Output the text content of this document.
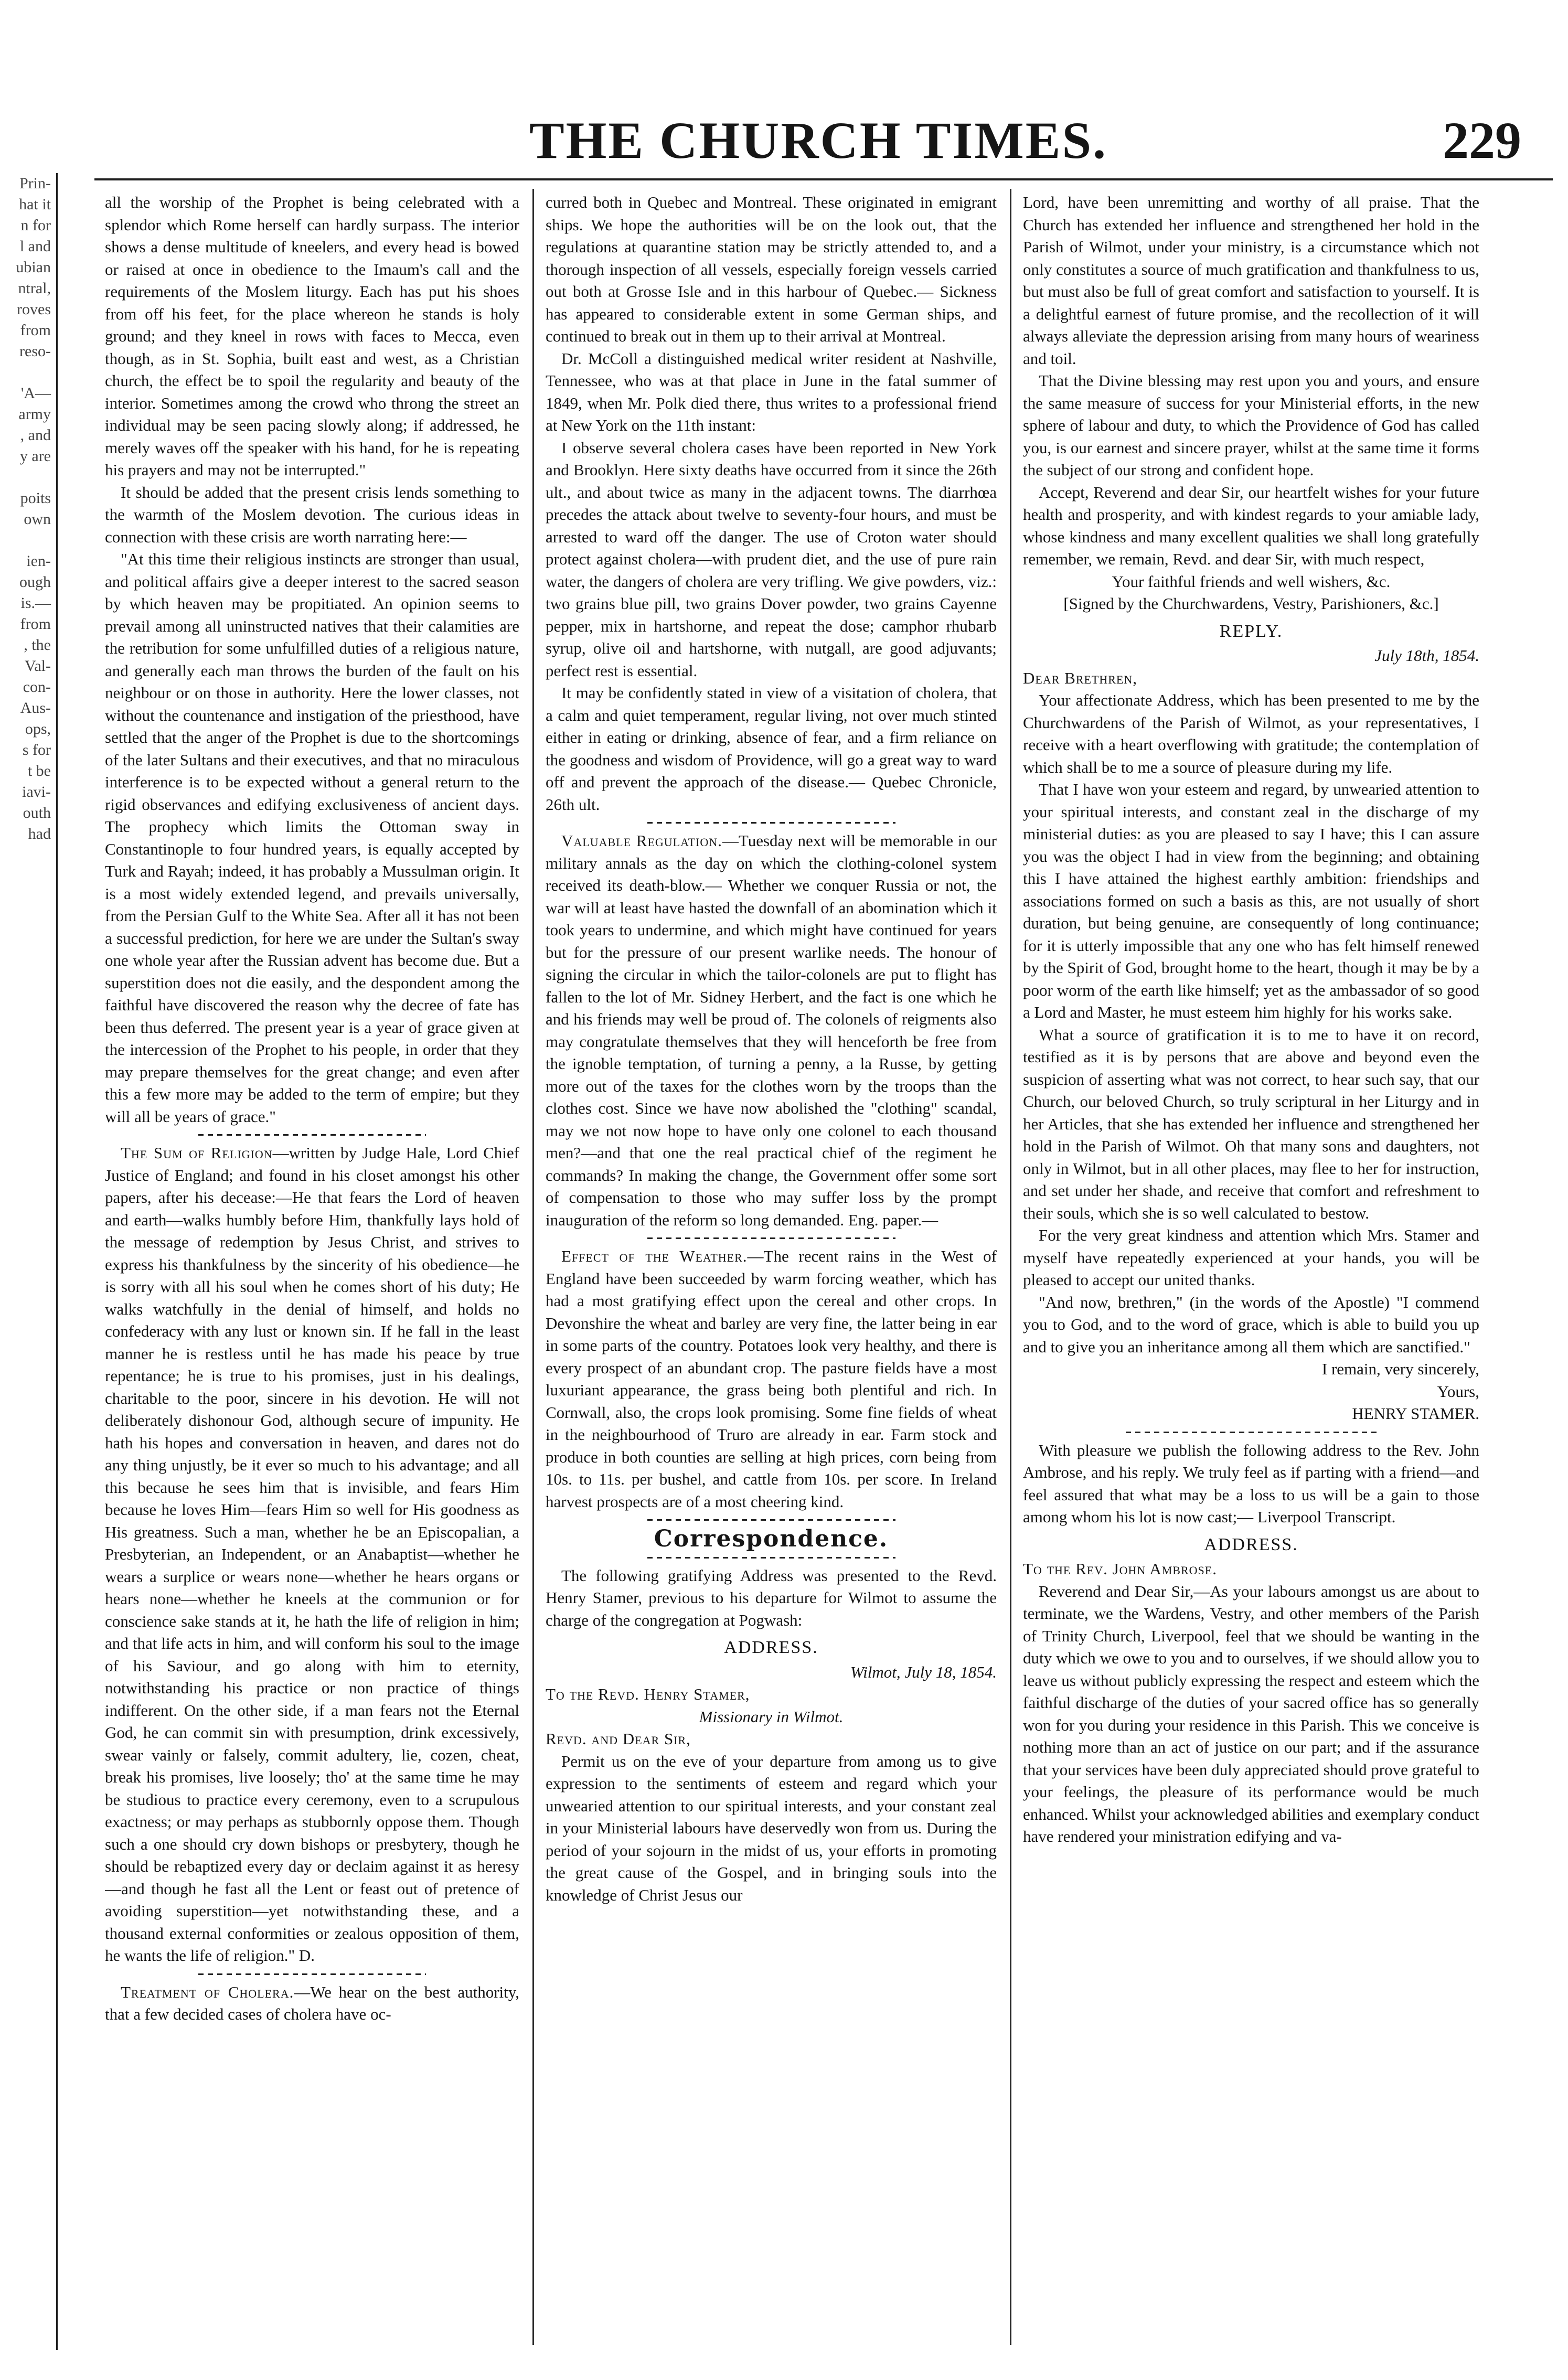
Prin-
hat it
n for
l and
ubian
ntral,
roves
from
reso-

'A—
army
, and
y are

poits
own

ien-
ough
is.—
from
, the
Val-
con-
Aus-
ops,
s for
t be
iavi-
outh
had
THE CHURCH TIMES.	229

all the worship of the Prophet is being celebrated with a splendor which Rome herself can hardly surpass. The interior shows a dense multitude of kneelers, and every head is bowed or raised at once in obedience to the Imaum's call and the requirements of the Moslem liturgy. Each has put his shoes from off his feet, for the place whereon he stands is holy ground; and they kneel in rows with faces to Mecca, even though, as in St. Sophia, built east and west, as a Christian church, the effect be to spoil the regularity and beauty of the interior. Sometimes among the crowd who throng the street an individual may be seen pacing slowly along; if addressed, he merely waves off the speaker with his hand, for he is repeating his prayers and may not be interrupted."

It should be added that the present crisis lends something to the warmth of the Moslem devotion. The curious ideas in connection with these crisis are worth narrating here:—

"At this time their religious instincts are stronger than usual, and political affairs give a deeper interest to the sacred season by which heaven may be propitiated. An opinion seems to prevail among all uninstructed natives that their calamities are the retribution for some unfulfilled duties of a religious nature, and generally each man throws the burden of the fault on his neighbour or on those in authority. Here the lower classes, not without the countenance and instigation of the priesthood, have settled that the anger of the Prophet is due to the shortcomings of the later Sultans and their executives, and that no miraculous interference is to be expected without a general return to the rigid observances and edifying exclusiveness of ancient days. The prophecy which limits the Ottoman sway in Constantinople to four hundred years, is equally accepted by Turk and Rayah; indeed, it has probably a Mussulman origin. It is a most widely extended legend, and prevails universally, from the Persian Gulf to the White Sea. After all it has not been a successful prediction, for here we are under the Sultan's sway one whole year after the Russian advent has become due. But a superstition does not die easily, and the despondent among the faithful have discovered the reason why the decree of fate has been thus deferred. The present year is a year of grace given at the intercession of the Prophet to his people, in order that they may prepare themselves for the great change; and even after this a few more may be added to the term of empire; but they will all be years of grace."

The Sum of Religion—written by Judge Hale, Lord Chief Justice of England; and found in his closet amongst his other papers, after his decease:—He that fears the Lord of heaven and earth—walks humbly before Him, thankfully lays hold of the message of redemption by Jesus Christ, and strives to express his thankfulness by the sincerity of his obedience—he is sorry with all his soul when he comes short of his duty; He walks watchfully in the denial of himself, and holds no confederacy with any lust or known sin. If he fall in the least manner he is restless until he has made his peace by true repentance; he is true to his promises, just in his dealings, charitable to the poor, sincere in his devotion. He will not deliberately dishonour God, although secure of impunity. He hath his hopes and conversation in heaven, and dares not do any thing unjustly, be it ever so much to his advantage; and all this because he sees him that is invisible, and fears Him because he loves Him—fears Him so well for His goodness as His greatness. Such a man, whether he be an Episcopalian, a Presbyterian, an Independent, or an Anabaptist—whether he wears a surplice or wears none—whether he hears organs or hears none—whether he kneels at the communion or for conscience sake stands at it, he hath the life of religion in him; and that life acts in him, and will conform his soul to the image of his Saviour, and go along with him to eternity, notwithstanding his practice or non practice of things indifferent. On the other side, if a man fears not the Eternal God, he can commit sin with presumption, drink excessively, swear vainly or falsely, commit adultery, lie, cozen, cheat, break his promises, live loosely; tho' at the same time he may be studious to practice every ceremony, even to a scrupulous exactness; or may perhaps as stubbornly oppose them. Though such a one should cry down bishops or presbytery, though he should be rebaptized every day or declaim against it as heresy—and though he fast all the Lent or feast out of pretence of avoiding superstition—yet notwithstanding these, and a thousand external conformities or zealous opposition of them, he wants the life of religion." D.

Treatment of Cholera.—We hear on the best authority, that a few decided cases of cholera have oc-

curred both in Quebec and Montreal. These originated in emigrant ships. We hope the authorities will be on the look out, that the regulations at quarantine station may be strictly attended to, and a thorough inspection of all vessels, especially foreign vessels carried out both at Grosse Isle and in this harbour of Quebec.— Sickness has appeared to considerable extent in some German ships, and continued to break out in them up to their arrival at Montreal.

Dr. McColl a distinguished medical writer resident at Nashville, Tennessee, who was at that place in June in the fatal summer of 1849, when Mr. Polk died there, thus writes to a professional friend at New York on the 11th instant:

I observe several cholera cases have been reported in New York and Brooklyn. Here sixty deaths have occurred from it since the 26th ult., and about twice as many in the adjacent towns. The diarrhœa precedes the attack about twelve to seventy-four hours, and must be arrested to ward off the danger. The use of Croton water should protect against cholera—with prudent diet, and the use of pure rain water, the dangers of cholera are very trifling. We give powders, viz.: two grains blue pill, two grains Dover powder, two grains Cayenne pepper, mix in hartshorne, and repeat the dose; camphor rhubarb syrup, olive oil and hartshorne, with nutgall, are good adjuvants; perfect rest is essential.

It may be confidently stated in view of a visitation of cholera, that a calm and quiet temperament, regular living, not over much stinted either in eating or drinking, absence of fear, and a firm reliance on the goodness and wisdom of Providence, will go a great way to ward off and prevent the approach of the disease.— Quebec Chronicle, 26th ult.

Valuable Regulation.—Tuesday next will be memorable in our military annals as the day on which the clothing-colonel system received its death-blow.— Whether we conquer Russia or not, the war will at least have hasted the downfall of an abomination which it took years to undermine, and which might have continued for years but for the pressure of our present warlike needs. The honour of signing the circular in which the tailor-colonels are put to flight has fallen to the lot of Mr. Sidney Herbert, and the fact is one which he and his friends may well be proud of. The colonels of reigments also may congratulate themselves that they will henceforth be free from the ignoble temptation, of turning a penny, a la Russe, by getting more out of the taxes for the clothes worn by the troops than the clothes cost. Since we have now abolished the "clothing" scandal, may we not now hope to have only one colonel to each thousand men?—and that one the real practical chief of the regiment he commands? In making the change, the Government offer some sort of compensation to those who may suffer loss by the prompt inauguration of the reform so long demanded. Eng. paper.—

Effect of the Weather.—The recent rains in the West of England have been succeeded by warm forcing weather, which has had a most gratifying effect upon the cereal and other crops. In Devonshire the wheat and barley are very fine, the latter being in ear in some parts of the country. Potatoes look very healthy, and there is every prospect of an abundant crop. The pasture fields have a most luxuriant appearance, the grass being both plentiful and rich. In Cornwall, also, the crops look promising. Some fine fields of wheat in the neighbourhood of Truro are already in ear. Farm stock and produce in both counties are selling at high prices, corn being from 10s. to 11s. per bushel, and cattle from 10s. per score. In Ireland harvest prospects are of a most cheering kind.

Correspondence.

The following gratifying Address was presented to the Revd. Henry Stamer, previous to his departure for Wilmot to assume the charge of the congregation at Pogwash:

ADDRESS.

Wilmot, July 18, 1854.

To the Revd. Henry Stamer,

Missionary in Wilmot.

Revd. and Dear Sir,

Permit us on the eve of your departure from among us to give expression to the sentiments of esteem and regard which your unwearied attention to our spiritual interests, and your constant zeal in your Ministerial labours have deservedly won from us. During the period of your sojourn in the midst of us, your efforts in promoting the great cause of the Gospel, and in bringing souls into the knowledge of Christ Jesus our

Lord, have been unremitting and worthy of all praise. That the Church has extended her influence and strengthened her hold in the Parish of Wilmot, under your ministry, is a circumstance which not only constitutes a source of much gratification and thankfulness to us, but must also be full of great comfort and satisfaction to yourself. It is a delightful earnest of future promise, and the recollection of it will always alleviate the depression arising from many hours of weariness and toil.

That the Divine blessing may rest upon you and yours, and ensure the same measure of success for your Ministerial efforts, in the new sphere of labour and duty, to which the Providence of God has called you, is our earnest and sincere prayer, whilst at the same time it forms the subject of our strong and confident hope.

Accept, Reverend and dear Sir, our heartfelt wishes for your future health and prosperity, and with kindest regards to your amiable lady, whose kindness and many excellent qualities we shall long gratefully remember, we remain, Revd. and dear Sir, with much respect,

Your faithful friends and well wishers, &c.

[Signed by the Churchwardens, Vestry, Parishioners, &c.]

REPLY.

July 18th, 1854.

Dear Brethren,

Your affectionate Address, which has been presented to me by the Churchwardens of the Parish of Wilmot, as your representatives, I receive with a heart overflowing with gratitude; the contemplation of which shall be to me a source of pleasure during my life.

That I have won your esteem and regard, by unwearied attention to your spiritual interests, and constant zeal in the discharge of my ministerial duties: as you are pleased to say I have; this I can assure you was the object I had in view from the beginning; and obtaining this I have attained the highest earthly ambition: friendships and associations formed on such a basis as this, are not usually of short duration, but being genuine, are consequently of long continuance; for it is utterly impossible that any one who has felt himself renewed by the Spirit of God, brought home to the heart, though it may be by a poor worm of the earth like himself; yet as the ambassador of so good a Lord and Master, he must esteem him highly for his works sake.

What a source of gratification it is to me to have it on record, testified as it is by persons that are above and beyond even the suspicion of asserting what was not correct, to hear such say, that our Church, our beloved Church, so truly scriptural in her Liturgy and in her Articles, that she has extended her influence and strengthened her hold in the Parish of Wilmot. Oh that many sons and daughters, not only in Wilmot, but in all other places, may flee to her for instruction, and set under her shade, and receive that comfort and refreshment to their souls, which she is so well calculated to bestow.

For the very great kindness and attention which Mrs. Stamer and myself have repeatedly experienced at your hands, you will be pleased to accept our united thanks.

"And now, brethren," (in the words of the Apostle) "I commend you to God, and to the word of grace, which is able to build you up and to give you an inheritance among all them which are sanctified."

I remain, very sincerely,

Yours,

HENRY STAMER.

With pleasure we publish the following address to the Rev. John Ambrose, and his reply. We truly feel as if parting with a friend—and feel assured that what may be a loss to us will be a gain to those among whom his lot is now cast;— Liverpool Transcript.

ADDRESS.

To the Rev. John Ambrose.

Reverend and Dear Sir,—As your labours amongst us are about to terminate, we the Wardens, Vestry, and other members of the Parish of Trinity Church, Liverpool, feel that we should be wanting in the duty which we owe to you and to ourselves, if we should allow you to leave us without publicly expressing the respect and esteem which the faithful discharge of the duties of your sacred office has so generally won for you during your residence in this Parish. This we conceive is nothing more than an act of justice on our part; and if the assurance that your services have been duly appreciated should prove grateful to your feelings, the pleasure of its performance would be much enhanced. Whilst your acknowledged abilities and exemplary conduct have rendered your ministration edifying and va-
